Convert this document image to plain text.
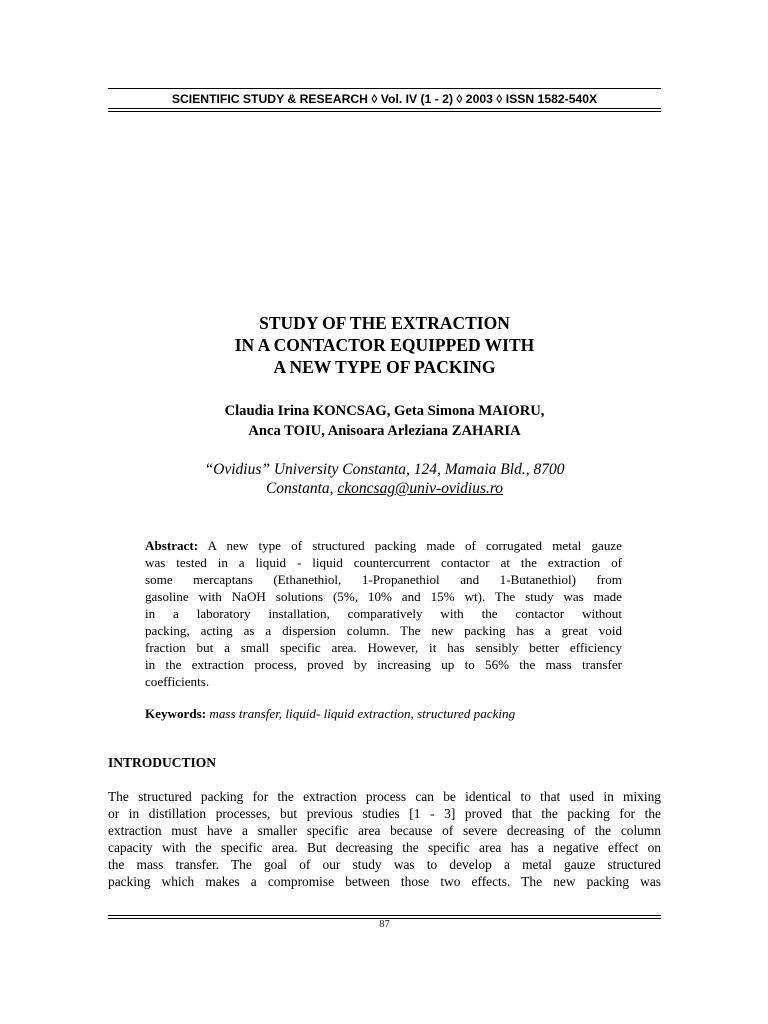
SCIENTIFIC STUDY & RESEARCH ◊ Vol. IV (1 - 2) ◊ 2003 ◊ ISSN 1582-540X
STUDY OF THE EXTRACTION
IN A CONTACTOR EQUIPPED WITH
A NEW TYPE OF PACKING
Claudia Irina KONCSAG, Geta Simona MAIORU,
Anca TOIU, Anisoara Arleziana ZAHARIA
“Ovidius” University Constanta, 124, Mamaia Bld., 8700
Constanta, ckoncsag@univ-ovidius.ro
Abstract: A new type of structured packing made of corrugated metal gauze
was tested in a liquid - liquid countercurrent contactor at the extraction of
some mercaptans (Ethanethiol, 1-Propanethiol and 1-Butanethiol) from
gasoline with NaOH solutions (5%, 10% and 15% wt). The study was made
in a laboratory installation, comparatively with the contactor without
packing, acting as a dispersion column. The new packing has a great void
fraction but a small specific area. However, it has sensibly better efficiency
in the extraction process, proved by increasing up to 56% the mass transfer
coefficients.
Keywords: mass transfer, liquid- liquid extraction, structured packing
INTRODUCTION
The structured packing for the extraction process can be identical to that used in mixing
or in distillation processes, but previous studies [1 - 3] proved that the packing for the
extraction must have a smaller specific area because of severe decreasing of the column
capacity with the specific area. But decreasing the specific area has a negative effect on
the mass transfer. The goal of our study was to develop a metal gauze structured
packing which makes a compromise between those two effects. The new packing was
87
